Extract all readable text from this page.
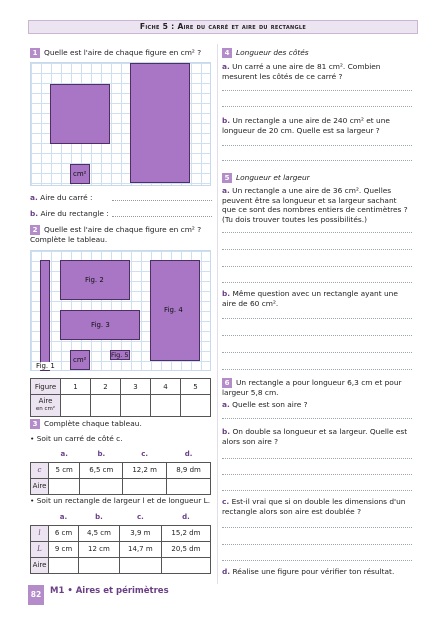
Fiche 5 : Aire du carré et aire du rectangle
1 Quelle est l'aire de chaque figure en cm² ?
cm²
a. Aire du carré :
b. Aire du rectangle :

2 Quelle est l'aire de chaque figure en cm² ? Complète le tableau.

Fig. 1
Fig. 2
Fig. 3
Fig. 4
Fig. 5
cm²
Figure	1	2	3	4	5
Aire
en cm²					
3 Complète chaque tableau.
• Soit un carré de côté c.
	a.	b.	c.	d.
c	5 cm	6,5 cm	12,2 m	8,9 dm
Aire				
• Soit un rectangle de largeur l et de longueur L.
	a.	b.	c.	d.
l	6 cm	4,5 cm	3,9 m	15,2 dm
L	9 cm	12 cm	14,7 m	20,5 dm
Aire				
4 Longueur des côtés

a. Un carré a une aire de 81 cm². Combien mesurent les côtés de ce carré ?

b. Un rectangle a une aire de 240 cm² et une longueur de 20 cm. Quelle est sa largeur ?

5 Longueur et largeur

a. Un rectangle a une aire de 36 cm². Quelles peuvent être sa longueur et sa largeur sachant que ce sont des nombres entiers de centimètres ? (Tu dois trouver toutes les possibilités.)

b. Même question avec un rectangle ayant une aire de 60 cm².

6 Un rectangle a pour longueur 6,3 cm et pour largeur 5,8 cm.

a. Quelle est son aire ?

b. On double sa longueur et sa largeur. Quelle est alors son aire ?

c. Est-il vrai que si on double les dimensions d'un rectangle alors son aire est doublée ?

d. Réalise une figure pour vérifier ton résultat.
82	M1 • Aires et périmètres
